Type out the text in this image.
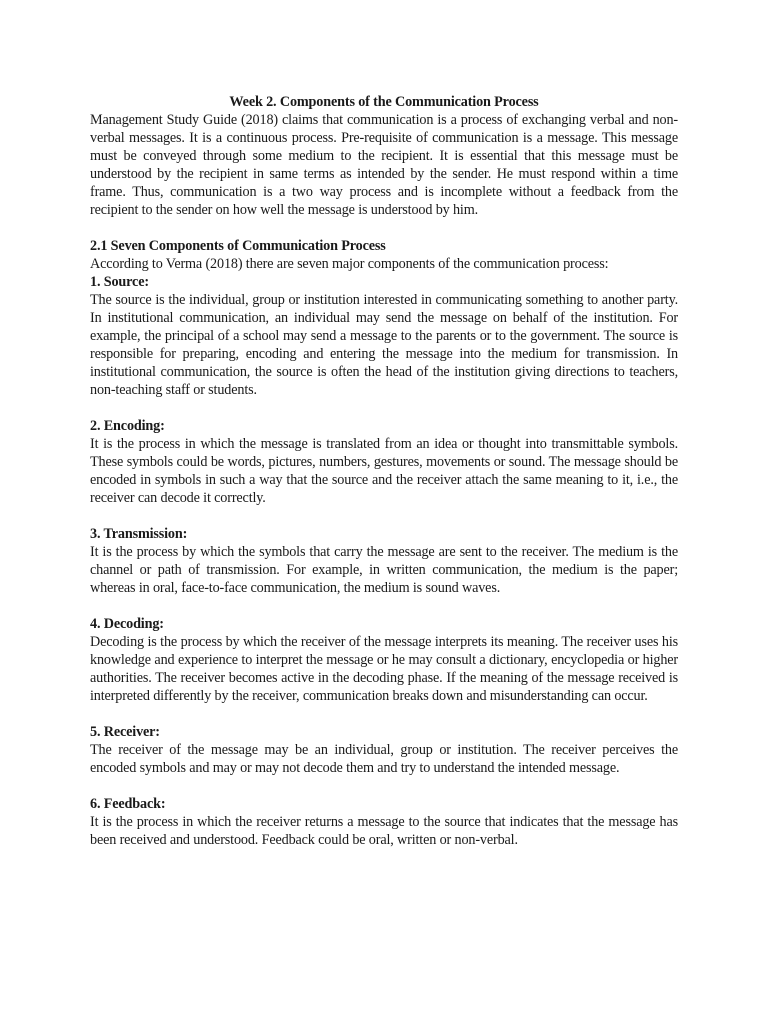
Week 2. Components of the Communication Process

Management Study Guide (2018) claims that communication is a process of exchanging verbal and non-verbal messages. It is a continuous process. Pre-requisite of communication is a message. This message must be conveyed through some medium to the recipient. It is essential that this message must be understood by the recipient in same terms as intended by the sender. He must respond within a time frame. Thus, communication is a two way process and is incomplete without a feedback from the recipient to the sender on how well the message is understood by him.

2.1 Seven Components of Communication Process

According to Verma (2018) there are seven major components of the communication process:

1. Source:

The source is the individual, group or institution interested in communicating something to another party. In institutional communication, an individual may send the message on behalf of the institution. For example, the principal of a school may send a message to the parents or to the government. The source is responsible for preparing, encoding and entering the message into the medium for transmission. In institutional communication, the source is often the head of the institution giving directions to teachers, non-teaching staff or students.

2. Encoding:

It is the process in which the message is translated from an idea or thought into transmittable symbols. These symbols could be words, pictures, numbers, gestures, movements or sound. The message should be encoded in symbols in such a way that the source and the receiver attach the same meaning to it, i.e., the receiver can decode it correctly.

3. Transmission:

It is the process by which the symbols that carry the message are sent to the receiver. The medium is the channel or path of transmission. For example, in written communication, the medium is the paper; whereas in oral, face-to-face communication, the medium is sound waves.

4. Decoding:

Decoding is the process by which the receiver of the message interprets its meaning. The receiver uses his knowledge and experience to interpret the message or he may consult a dictionary, encyclopedia or higher authorities. The receiver becomes active in the decoding phase. If the meaning of the message received is interpreted differently by the receiver, communication breaks down and misunderstanding can occur.

5. Receiver:

The receiver of the message may be an individual, group or institution. The receiver perceives the encoded symbols and may or may not decode them and try to understand the intended message.

6. Feedback:

It is the process in which the receiver returns a message to the source that indicates that the message has been received and understood. Feedback could be oral, written or non-verbal.
